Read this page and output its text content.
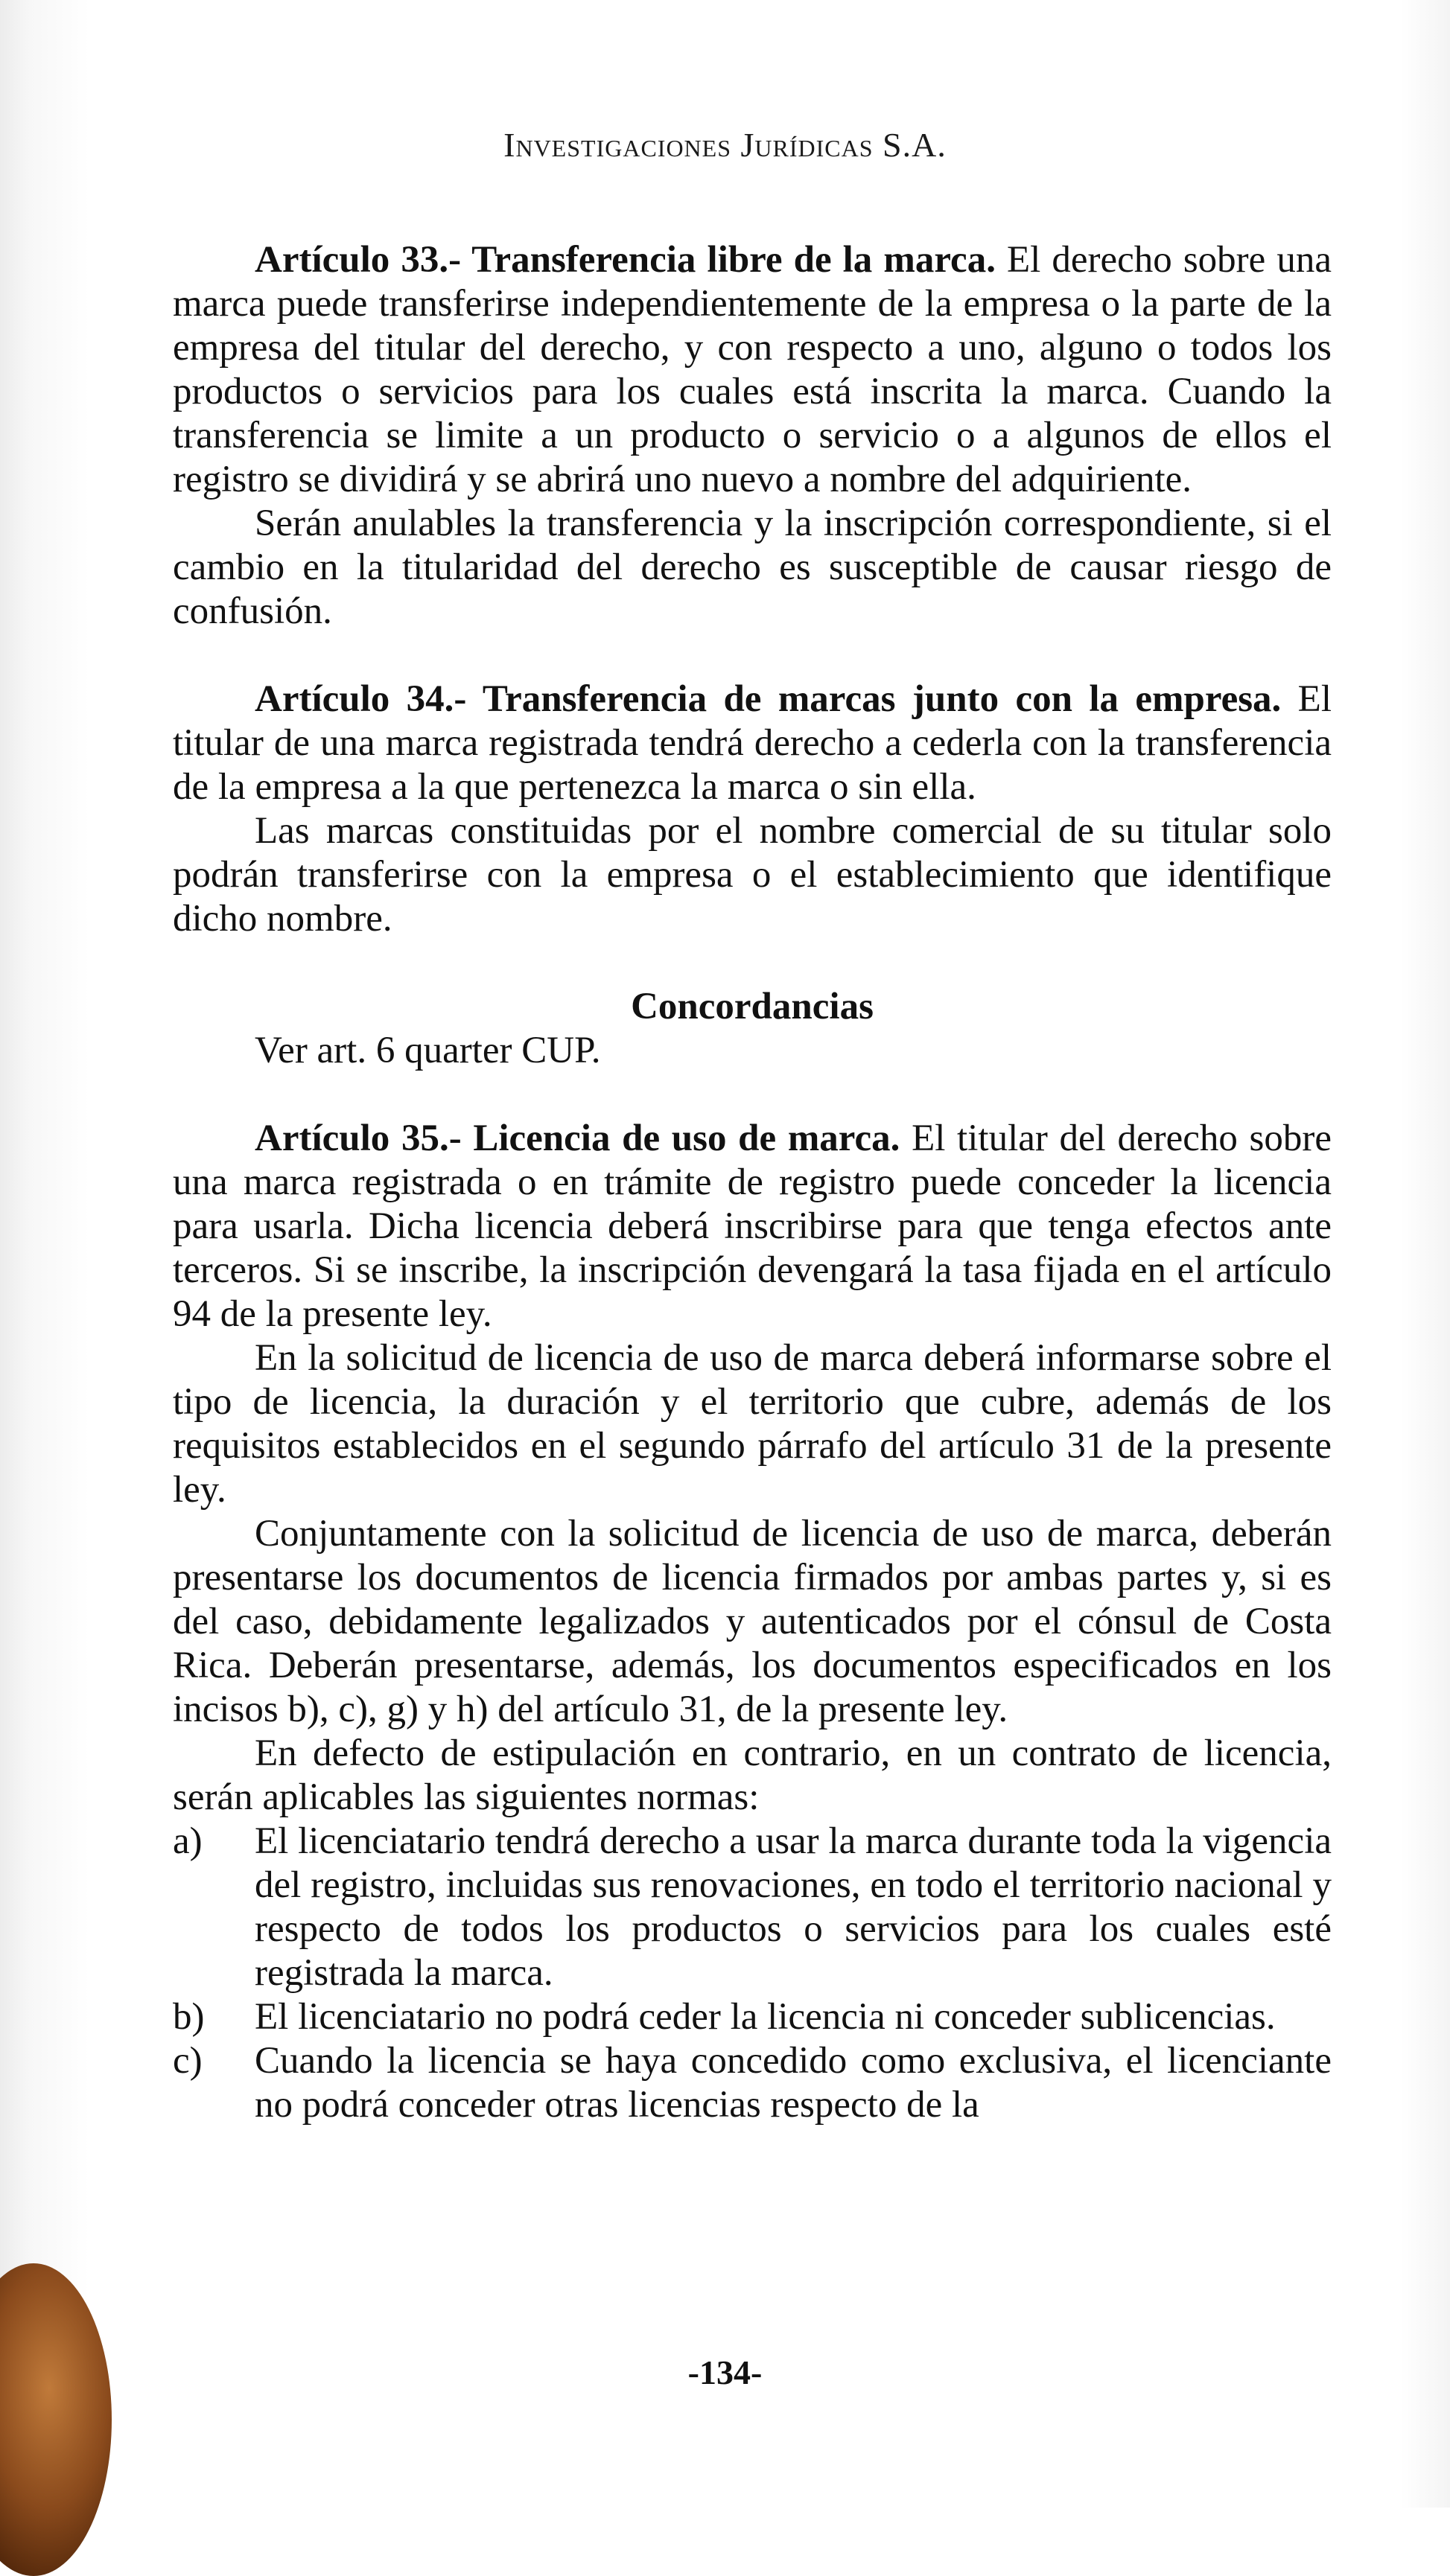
Investigaciones Jurídicas S.A.

Artículo 33.- Transferencia libre de la marca. El derecho sobre una marca puede transferirse independientemente de la empresa o la parte de la empresa del titular del derecho, y con respecto a uno, alguno o todos los productos o servicios para los cuales está inscrita la marca. Cuando la transferencia se limite a un producto o servicio o a algunos de ellos el registro se dividirá y se abrirá uno nuevo a nombre del adquiriente.

Serán anulables la transferencia y la inscripción correspondiente, si el cambio en la titularidad del derecho es susceptible de causar riesgo de confusión.

Artículo 34.- Transferencia de marcas junto con la empresa. El titular de una marca registrada tendrá derecho a cederla con la transferencia de la empresa a la que pertenezca la marca o sin ella.

Las marcas constituidas por el nombre comercial de su titular solo podrán transferirse con la empresa o el establecimiento que identifique dicho nombre.

Concordancias

Ver art. 6 quarter CUP.

Artículo 35.- Licencia de uso de marca. El titular del derecho sobre una marca registrada o en trámite de registro puede conceder la licencia para usarla. Dicha licencia deberá inscribirse para que tenga efectos ante terceros. Si se inscribe, la inscripción devengará la tasa fijada en el artículo 94 de la presente ley.

En la solicitud de licencia de uso de marca deberá informarse sobre el tipo de licencia, la duración y el territorio que cubre, además de los requisitos establecidos en el segundo párrafo del artículo 31 de la presente ley.

Conjuntamente con la solicitud de licencia de uso de marca, deberán presentarse los documentos de licencia firmados por ambas partes y, si es del caso, debidamente legalizados y autenticados por el cónsul de Costa Rica. Deberán presentarse, además, los documentos especificados en los incisos b), c), g) y h) del artículo 31, de la presente ley.

En defecto de estipulación en contrario, en un contrato de licencia, serán aplicables las siguientes normas:

a) El licenciatario tendrá derecho a usar la marca durante toda la vigencia del registro, incluidas sus renovaciones, en todo el territorio nacional y respecto de todos los productos o servicios para los cuales esté registrada la marca.
b) El licenciatario no podrá ceder la licencia ni conceder sublicencias.
c) Cuando la licencia se haya concedido como exclusiva, el licenciante no podrá conceder otras licencias respecto de la
-134-
